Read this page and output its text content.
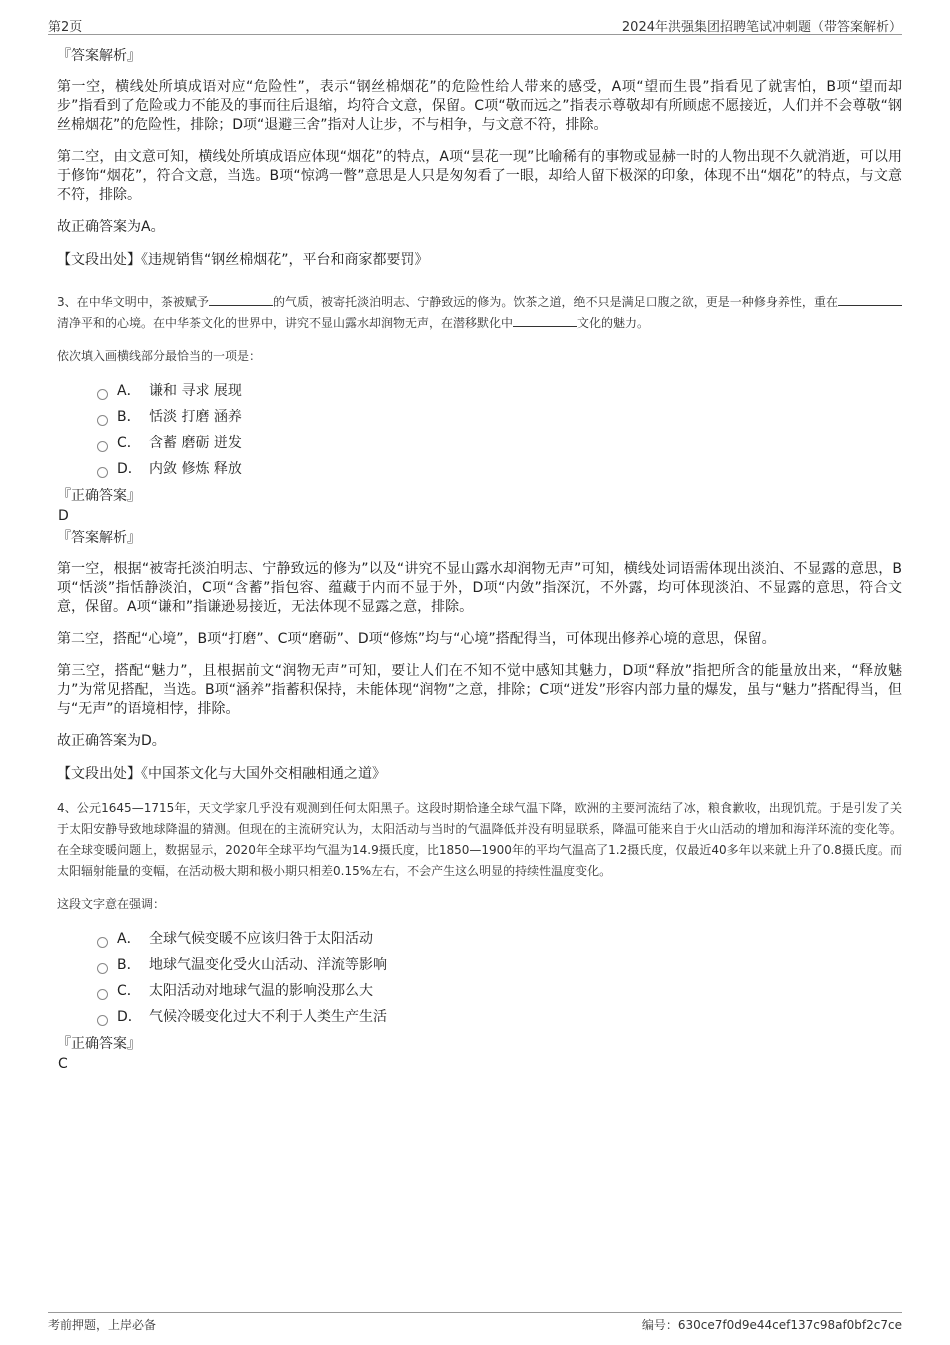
第2页	2024年洪强集团招聘笔试冲刺题（带答案解析）

『答案解析』

第一空，横线处所填成语对应“危险性”，表示“钢丝棉烟花”的危险性给人带来的感受，A项“望而生畏”指看见了就害怕，B项“望而却步”指看到了危险或力不能及的事而往后退缩，均符合文意，保留。C项“敬而远之”指表示尊敬却有所顾虑不愿接近，人们并不会尊敬“钢丝棉烟花”的危险性，排除；D项“退避三舍”指对人让步，不与相争，与文意不符，排除。

第二空，由文意可知，横线处所填成语应体现“烟花”的特点，A项“昙花一现”比喻稀有的事物或显赫一时的人物出现不久就消逝，可以用于修饰“烟花”，符合文意，当选。B项“惊鸿一瞥”意思是人只是匆匆看了一眼，却给人留下极深的印象，体现不出“烟花”的特点，与文意不符，排除。

故正确答案为A。

【文段出处】《违规销售“钢丝棉烟花”，平台和商家都要罚》

3、在中华文明中，茶被赋予	的气质，被寄托淡泊明志、宁静致远的修为。饮茶之道，绝不只是满足口腹之欲，更是一种修身养性，重在清净平和的心境。在中华茶文化的世界中，讲究不显山露水却润物无声，在潜移默化中	文化的魅力。

依次填入画横线部分最恰当的一项是：

A． 谦和 寻求 展现
B． 恬淡 打磨 涵养
C． 含蓄 磨砺 迸发
D． 内敛 修炼 释放

『正确答案』

D

『答案解析』

第一空，根据“被寄托淡泊明志、宁静致远的修为”以及“讲究不显山露水却润物无声”可知，横线处词语需体现出淡泊、不显露的意思，B项“恬淡”指恬静淡泊，C项“含蓄”指包容、蕴藏于内而不显于外，D项“内敛”指深沉，不外露，均可体现淡泊、不显露的意思，符合文意，保留。A项“谦和”指谦逊易接近，无法体现不显露之意，排除。

第二空，搭配“心境”，B项“打磨”、C项“磨砺”、D项“修炼”均与“心境”搭配得当，可体现出修养心境的意思，保留。

第三空，搭配“魅力”，且根据前文“润物无声”可知，要让人们在不知不觉中感知其魅力，D项“释放”指把所含的能量放出来，“释放魅力”为常见搭配，当选。B项“涵养”指蓄积保持，未能体现“润物”之意，排除；C项“迸发”形容内部力量的爆发，虽与“魅力”搭配得当，但与“无声”的语境相悖，排除。

故正确答案为D。

【文段出处】《中国茶文化与大国外交相融相通之道》

4、公元1645—1715年，天文学家几乎没有观测到任何太阳黑子。这段时期恰逢全球气温下降，欧洲的主要河流结了冰，粮食歉收，出现饥荒。于是引发了关于太阳安静导致地球降温的猜测。但现在的主流研究认为，太阳活动与当时的气温降低并没有明显联系，降温可能来自于火山活动的增加和海洋环流的变化等。在全球变暖问题上，数据显示，2020年全球平均气温为14.9摄氏度，比1850—1900年的平均气温高了1.2摄氏度，仅最近40多年以来就上升了0.8摄氏度。而太阳辐射能量的变幅，在活动极大期和极小期只相差0.15%左右，不会产生这么明显的持续性温度变化。

这段文字意在强调：

A． 全球气候变暖不应该归咎于太阳活动
B． 地球气温变化受火山活动、洋流等影响
C． 太阳活动对地球气温的影响没那么大
D． 气候冷暖变化过大不利于人类生产生活

『正确答案』

C

考前押题，上岸必备	编号：630ce7f0d9e44cef137c98af0bf2c7ce
